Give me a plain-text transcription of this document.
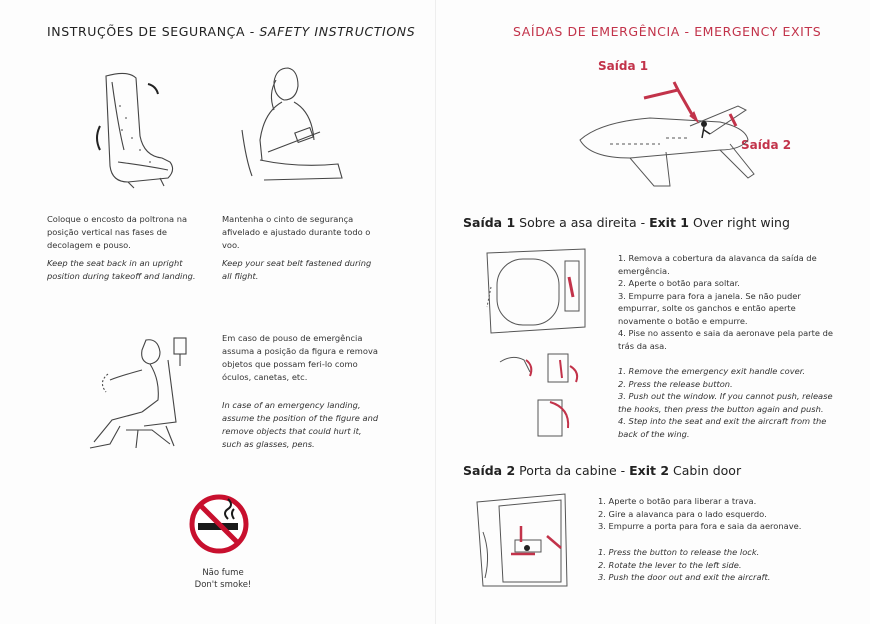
INSTRUÇÕES DE SEGURANÇA - SAFETY INSTRUCTIONS
Coloque o encosto da poltrona na posição vertical nas fases de decolagem e pouso.
Keep the seat back in an upright position during takeoff and landing.
Mantenha o cinto de segurança afivelado e ajustado durante todo o voo.
Keep your seat belt fastened during all flight.
Em caso de pouso de emergência assuma a posição da figura e remova objetos que possam feri-lo como óculos, canetas, etc.
In case of an emergency landing, assume the position of the figure and remove objects that could hurt it, such as glasses, pens.
Não fume
Don't smoke!
SAÍDAS DE EMERGÊNCIA - EMERGENCY EXITS
Saída 1
Saída 2
Saída 1 Sobre a asa direita - Exit 1 Over right wing
1. Remova a cobertura da alavanca da saída de emergência.
2. Aperte o botão para soltar.
3. Empurre para fora a janela. Se não puder empurrar, solte os ganchos e então aperte novamente o botão e empurre.
4. Pise no assento e saia da aeronave pela parte de trás da asa.
1. Remove the emergency exit handle cover.
2. Press the release button.
3. Push out the window. If you cannot push, release the hooks, then press the button again and push.
4. Step into the seat and exit the aircraft from the back of the wing.
Saída 2 Porta da cabine - Exit 2 Cabin door
1. Aperte o botão para liberar a trava.
2. Gire a alavanca para o lado esquerdo.
3. Empurre a porta para fora e saia da aeronave.
1. Press the button to release the lock.
2. Rotate the lever to the left side.
3. Push the door out and exit the aircraft.
